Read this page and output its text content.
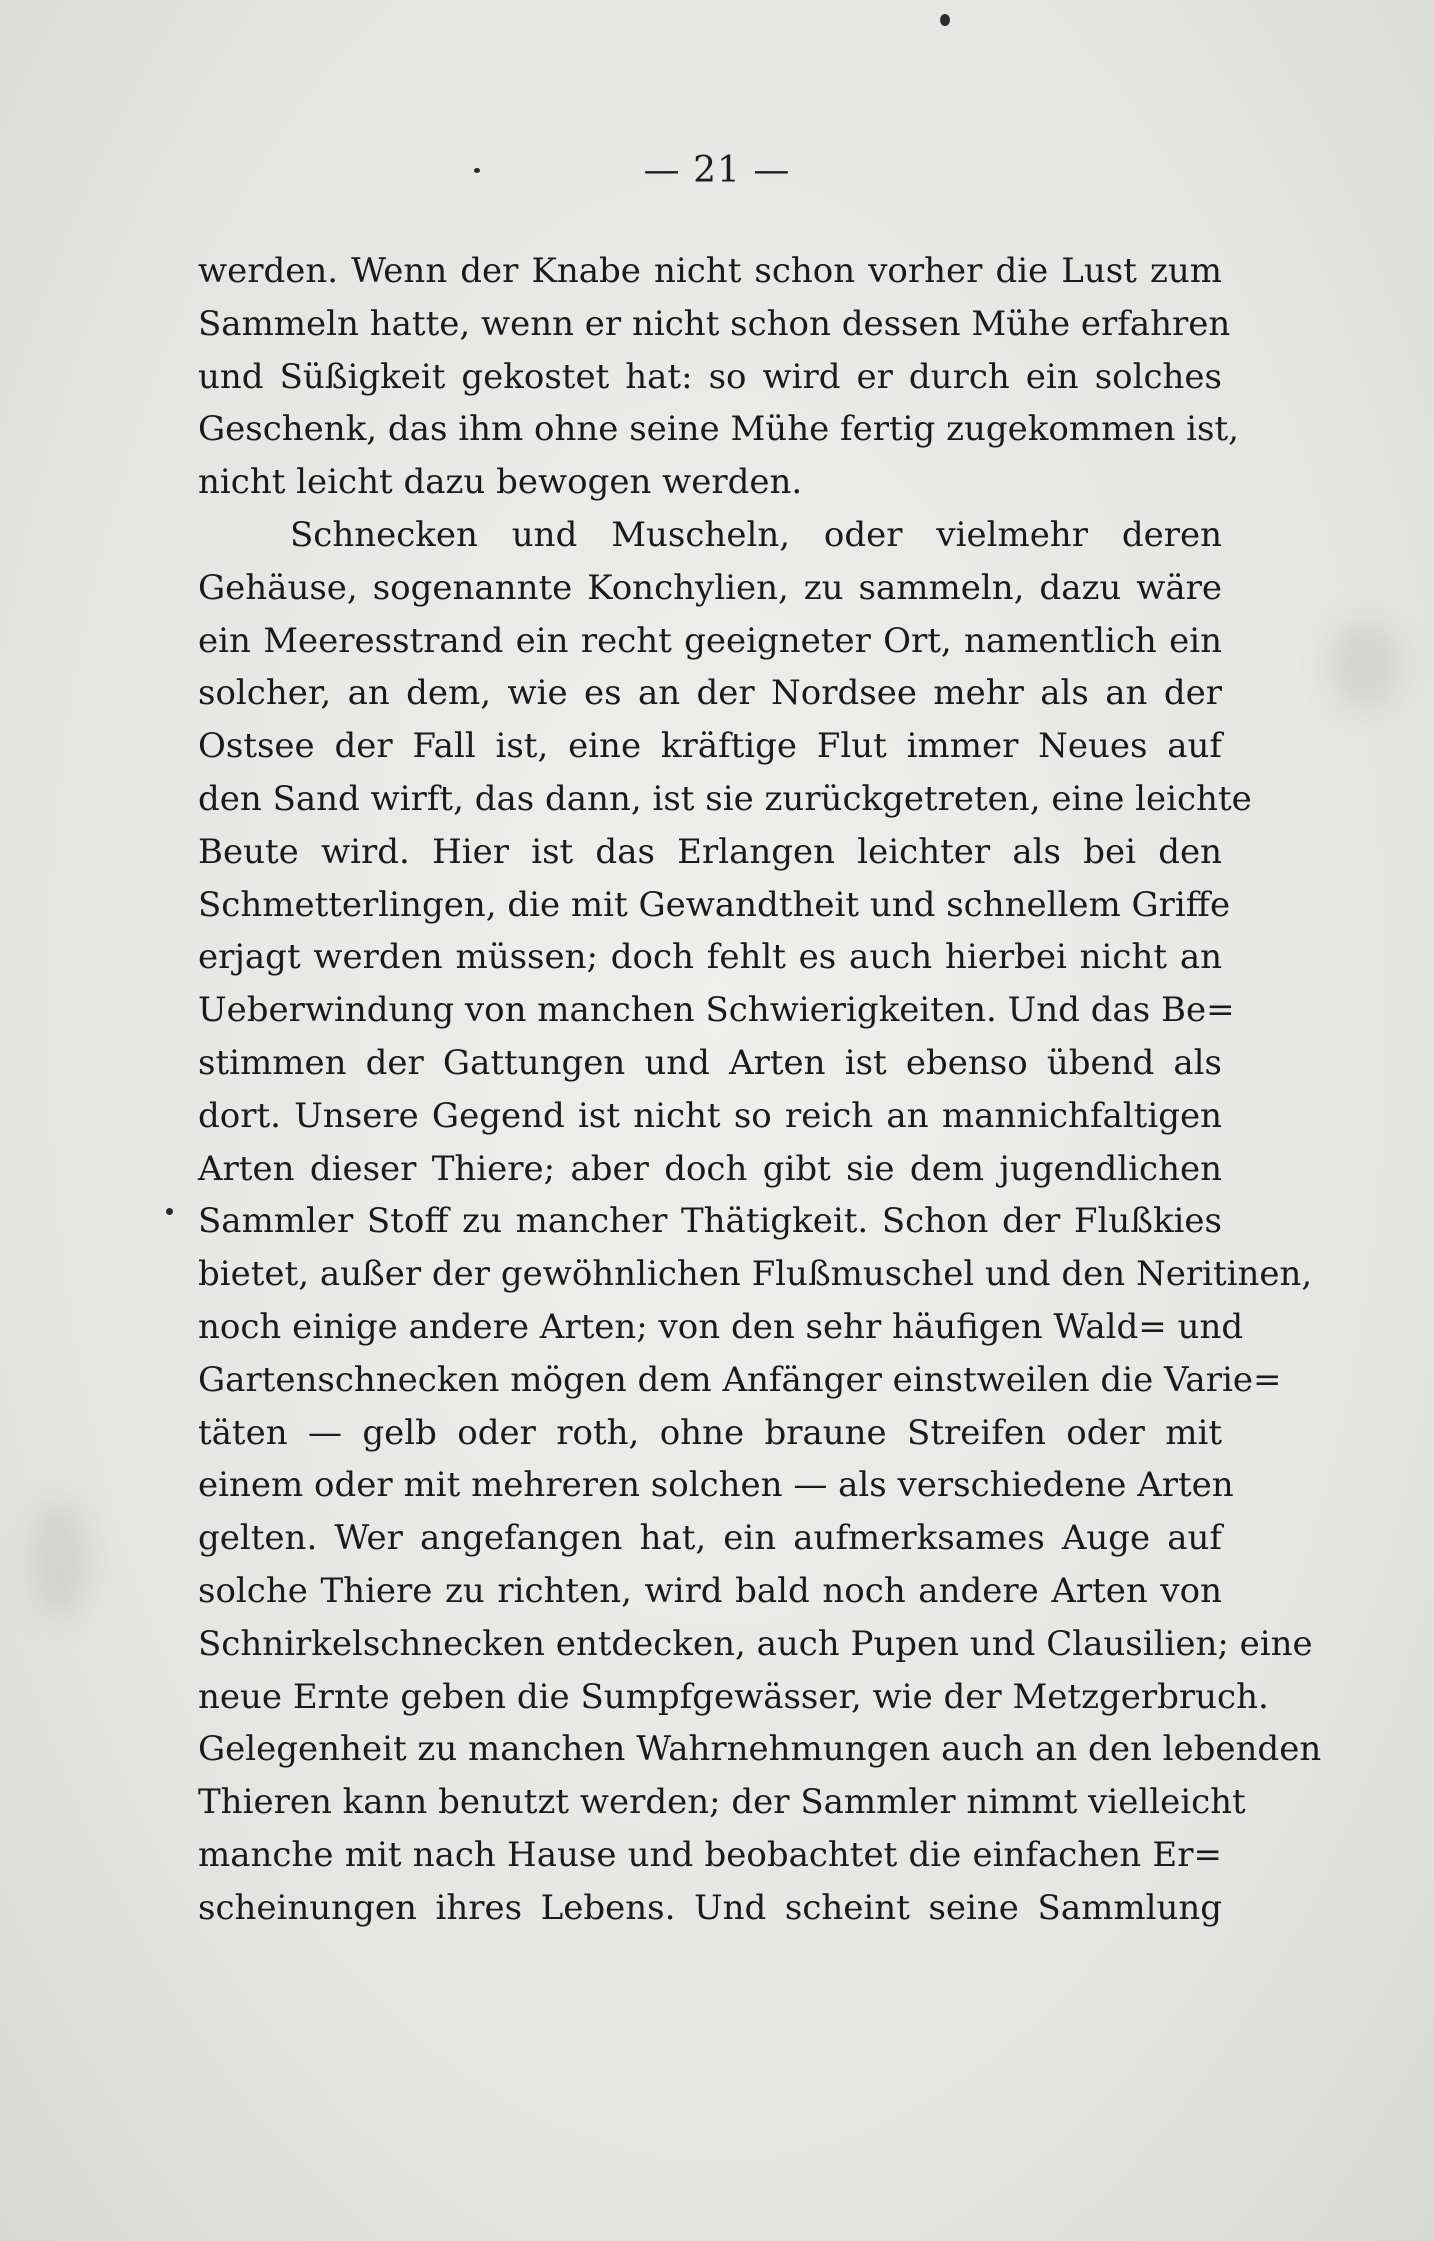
— 21 —
werden. Wenn der Knabe nicht schon vorher die Lust zum
Sammeln hatte, wenn er nicht schon dessen Mühe erfahren
und Süßigkeit gekostet hat: so wird er durch ein solches
Geschenk, das ihm ohne seine Mühe fertig zugekommen ist,
nicht leicht dazu bewogen werden.
Schnecken und Muscheln, oder vielmehr deren
Gehäuse, sogenannte Konchylien, zu sammeln, dazu wäre
ein Meeresstrand ein recht geeigneter Ort, namentlich ein
solcher, an dem, wie es an der Nordsee mehr als an der
Ostsee der Fall ist, eine kräftige Flut immer Neues auf
den Sand wirft, das dann, ist sie zurückgetreten, eine leichte
Beute wird. Hier ist das Erlangen leichter als bei den
Schmetterlingen, die mit Gewandtheit und schnellem Griffe
erjagt werden müssen; doch fehlt es auch hierbei nicht an
Ueberwindung von manchen Schwierigkeiten. Und das Be=
stimmen der Gattungen und Arten ist ebenso übend als
dort. Unsere Gegend ist nicht so reich an mannichfaltigen
Arten dieser Thiere; aber doch gibt sie dem jugendlichen
Sammler Stoff zu mancher Thätigkeit. Schon der Flußkies
bietet, außer der gewöhnlichen Flußmuschel und den Neritinen,
noch einige andere Arten; von den sehr häufigen Wald= und
Gartenschnecken mögen dem Anfänger einstweilen die Varie=
täten — gelb oder roth, ohne braune Streifen oder mit
einem oder mit mehreren solchen — als verschiedene Arten
gelten. Wer angefangen hat, ein aufmerksames Auge auf
solche Thiere zu richten, wird bald noch andere Arten von
Schnirkelschnecken entdecken, auch Pupen und Clausilien; eine
neue Ernte geben die Sumpfgewässer, wie der Metzgerbruch.
Gelegenheit zu manchen Wahrnehmungen auch an den lebenden
Thieren kann benutzt werden; der Sammler nimmt vielleicht
manche mit nach Hause und beobachtet die einfachen Er=
scheinungen ihres Lebens. Und scheint seine Sammlung
